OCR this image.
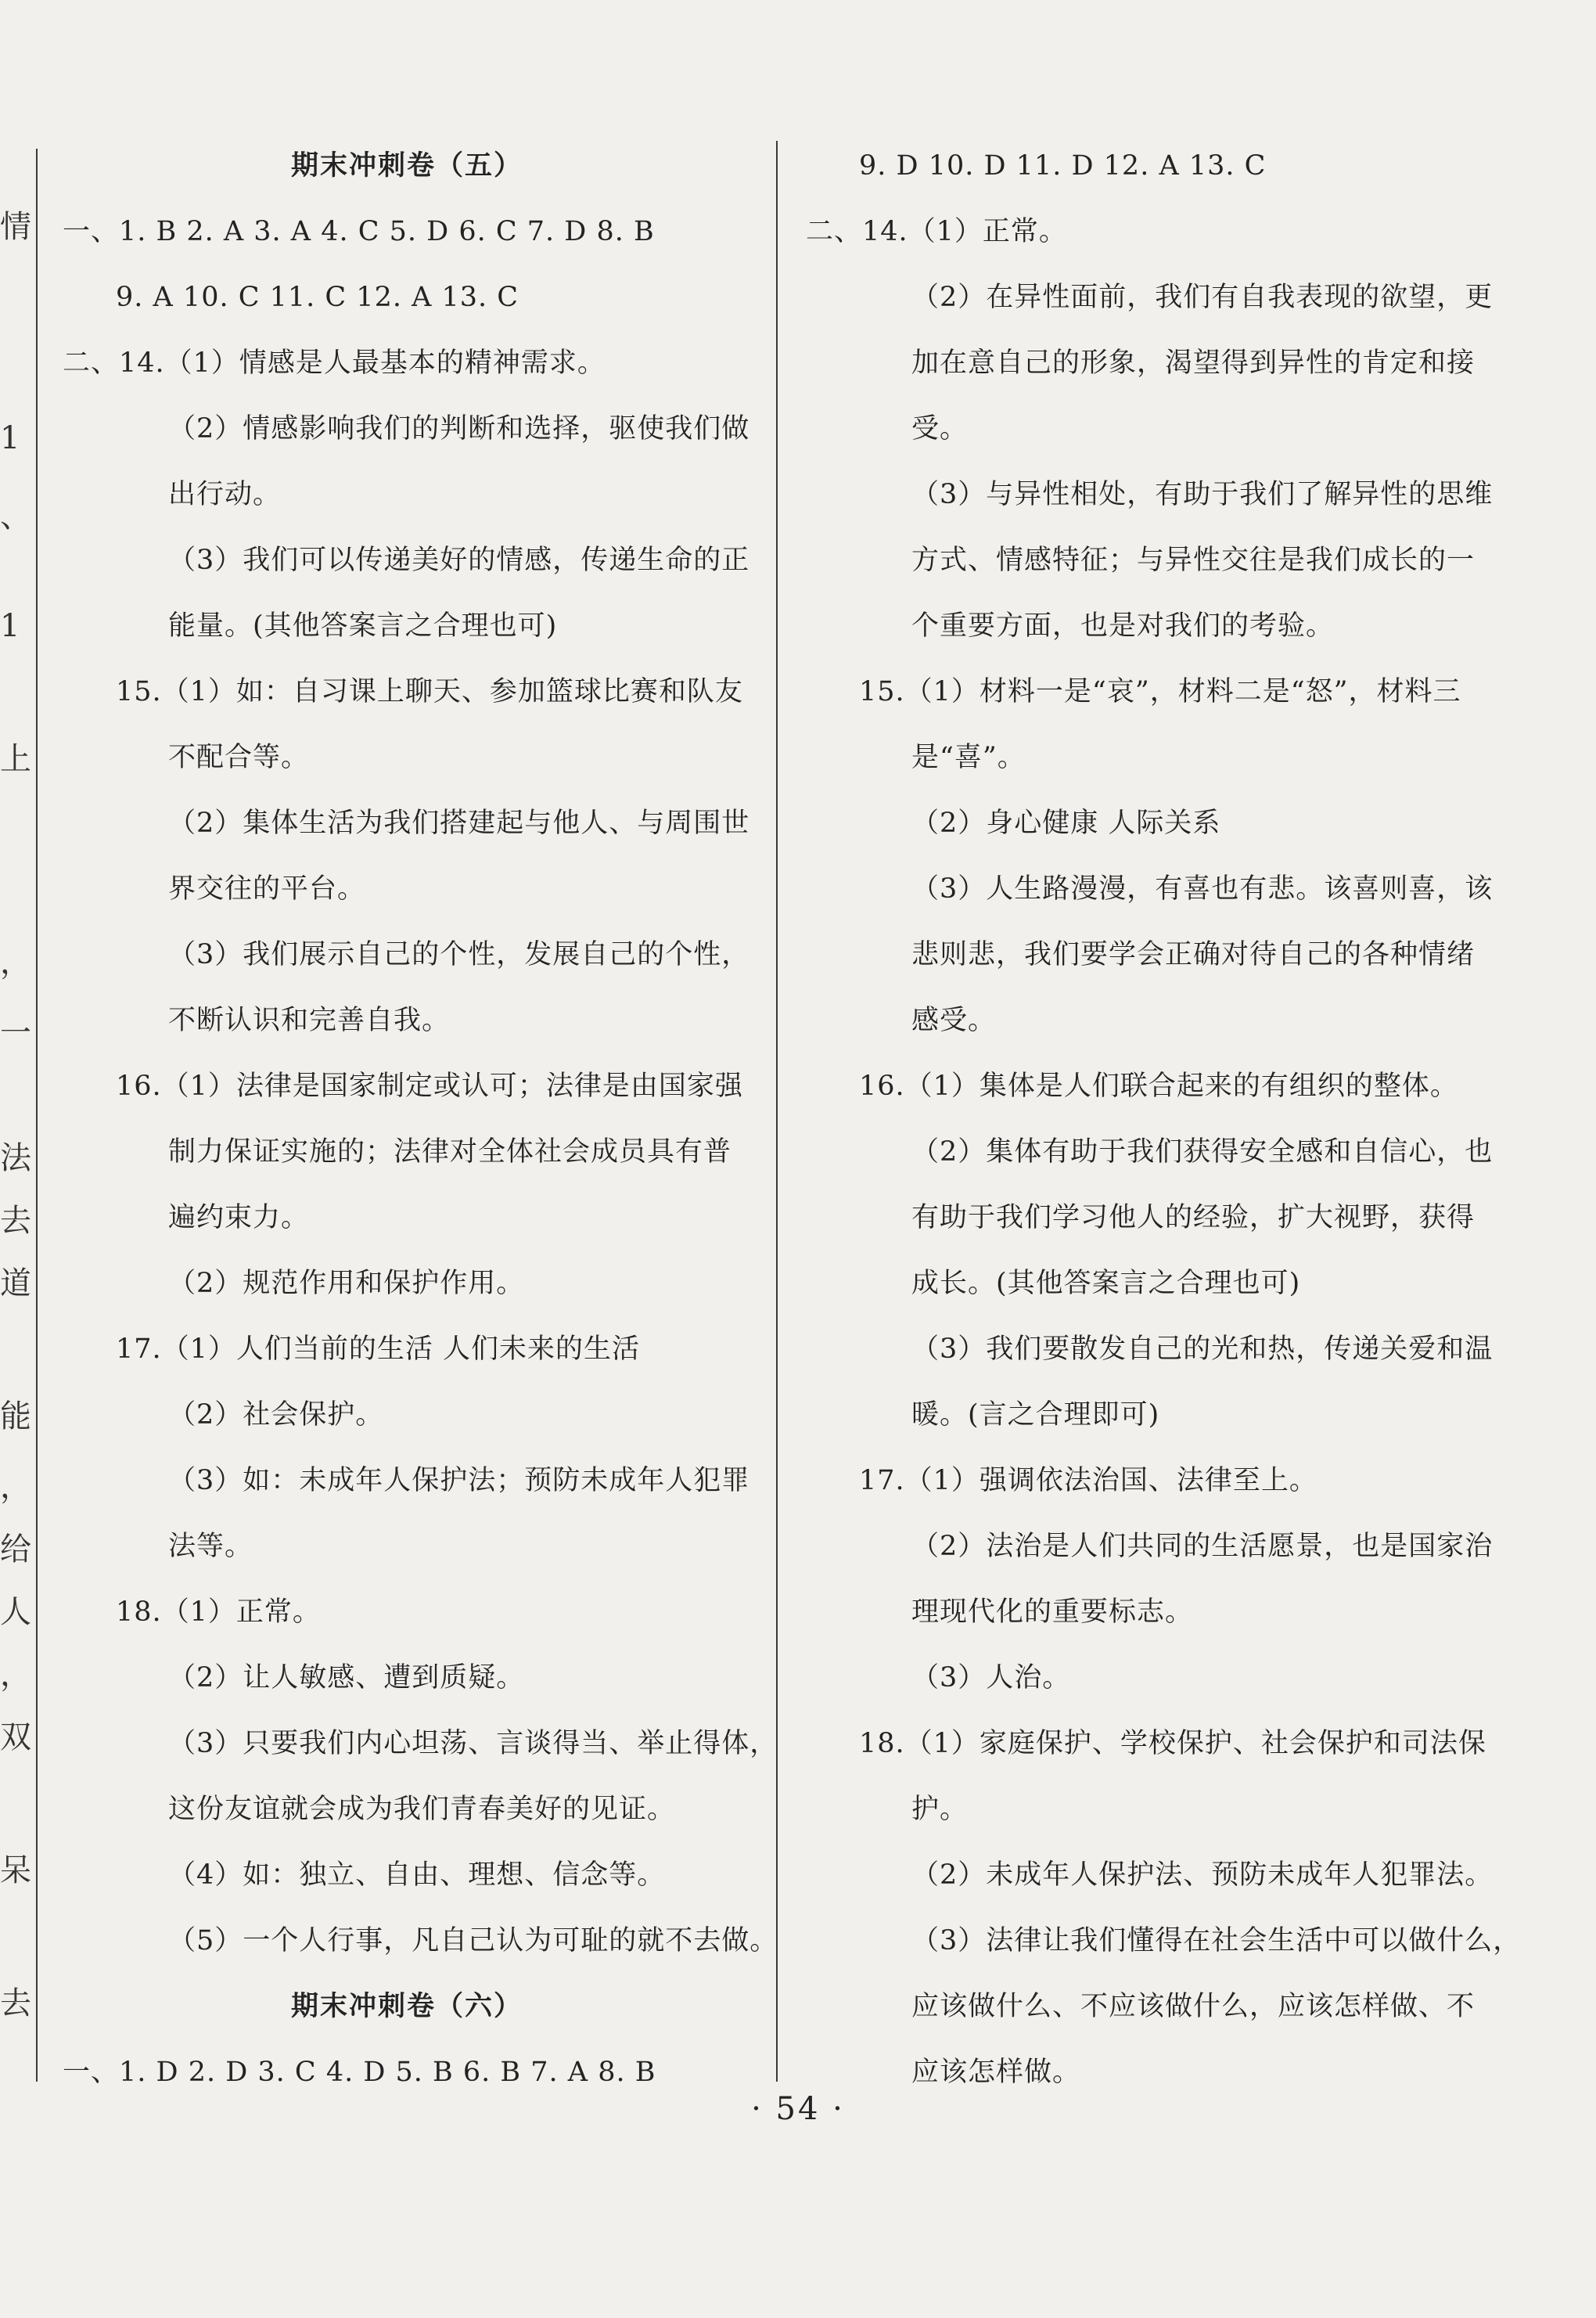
情
1
、
1
上
，
一
法
去
道
能
，
给
人
，
双
呆
去
期末冲刺卷（五）
一、1. B 2. A 3. A 4. C 5. D 6. C 7. D 8. B
9. A 10. C 11. C 12. A 13. C
二、14.（1）情感是人最基本的精神需求。
（2）情感影响我们的判断和选择，驱使我们做
出行动。
（3）我们可以传递美好的情感，传递生命的正
能量。(其他答案言之合理也可)
15.（1）如：自习课上聊天、参加篮球比赛和队友
不配合等。
（2）集体生活为我们搭建起与他人、与周围世
界交往的平台。
（3）我们展示自己的个性，发展自己的个性，
不断认识和完善自我。
16.（1）法律是国家制定或认可；法律是由国家强
制力保证实施的；法律对全体社会成员具有普
遍约束力。
（2）规范作用和保护作用。
17.（1）人们当前的生活 人们未来的生活
（2）社会保护。
（3）如：未成年人保护法；预防未成年人犯罪
法等。
18.（1）正常。
（2）让人敏感、遭到质疑。
（3）只要我们内心坦荡、言谈得当、举止得体，
这份友谊就会成为我们青春美好的见证。
（4）如：独立、自由、理想、信念等。
（5）一个人行事，凡自己认为可耻的就不去做。
期末冲刺卷（六）
一、1. D 2. D 3. C 4. D 5. B 6. B 7. A 8. B
9. D 10. D 11. D 12. A 13. C
二、14.（1）正常。
（2）在异性面前，我们有自我表现的欲望，更
加在意自己的形象，渴望得到异性的肯定和接
受。
（3）与异性相处，有助于我们了解异性的思维
方式、情感特征；与异性交往是我们成长的一
个重要方面，也是对我们的考验。
15.（1）材料一是“哀”，材料二是“怒”，材料三
是“喜”。
（2）身心健康 人际关系
（3）人生路漫漫，有喜也有悲。该喜则喜，该
悲则悲，我们要学会正确对待自己的各种情绪
感受。
16.（1）集体是人们联合起来的有组织的整体。
（2）集体有助于我们获得安全感和自信心，也
有助于我们学习他人的经验，扩大视野，获得
成长。(其他答案言之合理也可)
（3）我们要散发自己的光和热，传递关爱和温
暖。(言之合理即可)
17.（1）强调依法治国、法律至上。
（2）法治是人们共同的生活愿景，也是国家治
理现代化的重要标志。
（3）人治。
18.（1）家庭保护、学校保护、社会保护和司法保
护。
（2）未成年人保护法、预防未成年人犯罪法。
（3）法律让我们懂得在社会生活中可以做什么，
应该做什么、不应该做什么，应该怎样做、不
应该怎样做。
· 54 ·
